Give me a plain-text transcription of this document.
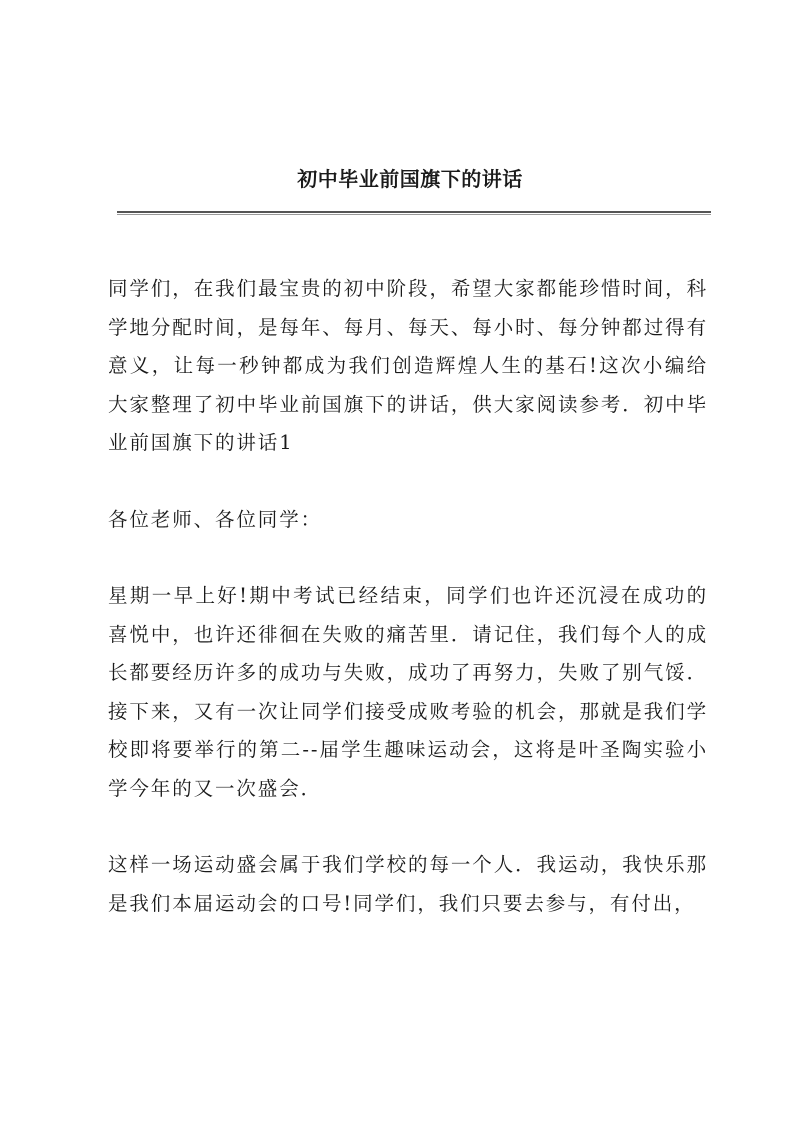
初中毕业前国旗下的讲话

同学们，在我们最宝贵的初中阶段，希望大家都能珍惜时间，科学地分配时间，是每年、每月、每天、每小时、每分钟都过得有意义，让每一秒钟都成为我们创造辉煌人生的基石!这次小编给大家整理了初中毕业前国旗下的讲话，供大家阅读参考．初中毕业前国旗下的讲话1

各位老师、各位同学：

星期一早上好!期中考试已经结束，同学们也许还沉浸在成功的喜悦中，也许还徘徊在失败的痛苦里．请记住，我们每个人的成长都要经历许多的成功与失败，成功了再努力，失败了别气馁．接下来，又有一次让同学们接受成败考验的机会，那就是我们学校即将要举行的第二--届学生趣味运动会，这将是叶圣陶实验小学今年的又一次盛会．

这样一场运动盛会属于我们学校的每一个人．我运动，我快乐那是我们本届运动会的口号!同学们，我们只要去参与，有付出，
